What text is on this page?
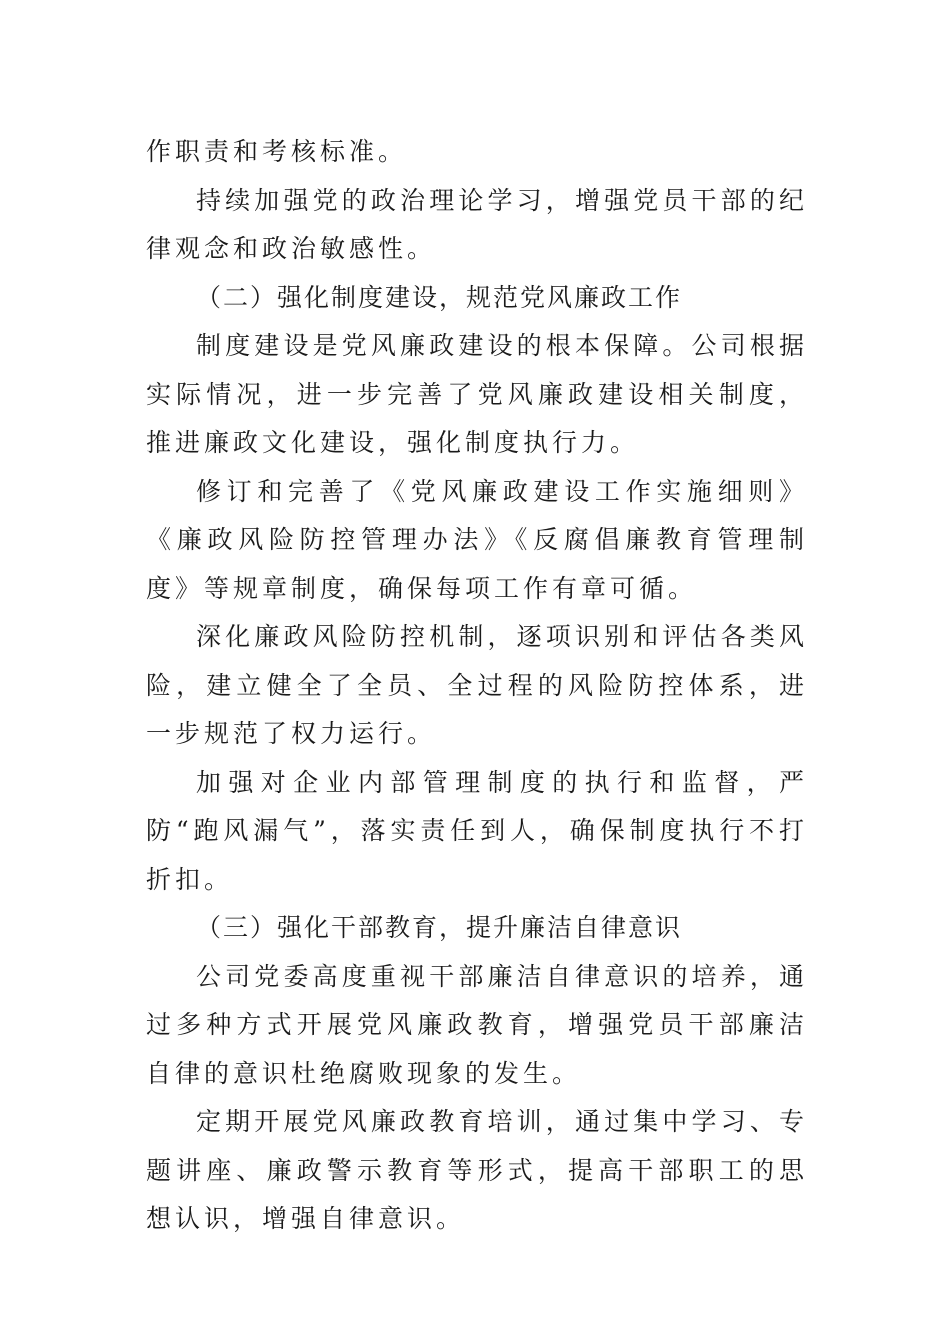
作职责和考核标准。

持续加强党的政治理论学习，增强党员干部的纪律观念和政治敏感性。

（二）强化制度建设，规范党风廉政工作

制度建设是党风廉政建设的根本保障。公司根据实际情况，进一步完善了党风廉政建设相关制度，推进廉政文化建设，强化制度执行力。

修订和完善了《党风廉政建设工作实施细则》《廉政风险防控管理办法》《反腐倡廉教育管理制度》等规章制度，确保每项工作有章可循。

深化廉政风险防控机制，逐项识别和评估各类风险，建立健全了全员、全过程的风险防控体系，进一步规范了权力运行。

加强对企业内部管理制度的执行和监督，严防“跑风漏气”，落实责任到人，确保制度执行不打折扣。

（三）强化干部教育，提升廉洁自律意识

公司党委高度重视干部廉洁自律意识的培养，通过多种方式开展党风廉政教育，增强党员干部廉洁自律的意识杜绝腐败现象的发生。

定期开展党风廉政教育培训，通过集中学习、专题讲座、廉政警示教育等形式，提高干部职工的思想认识，增强自律意识。
